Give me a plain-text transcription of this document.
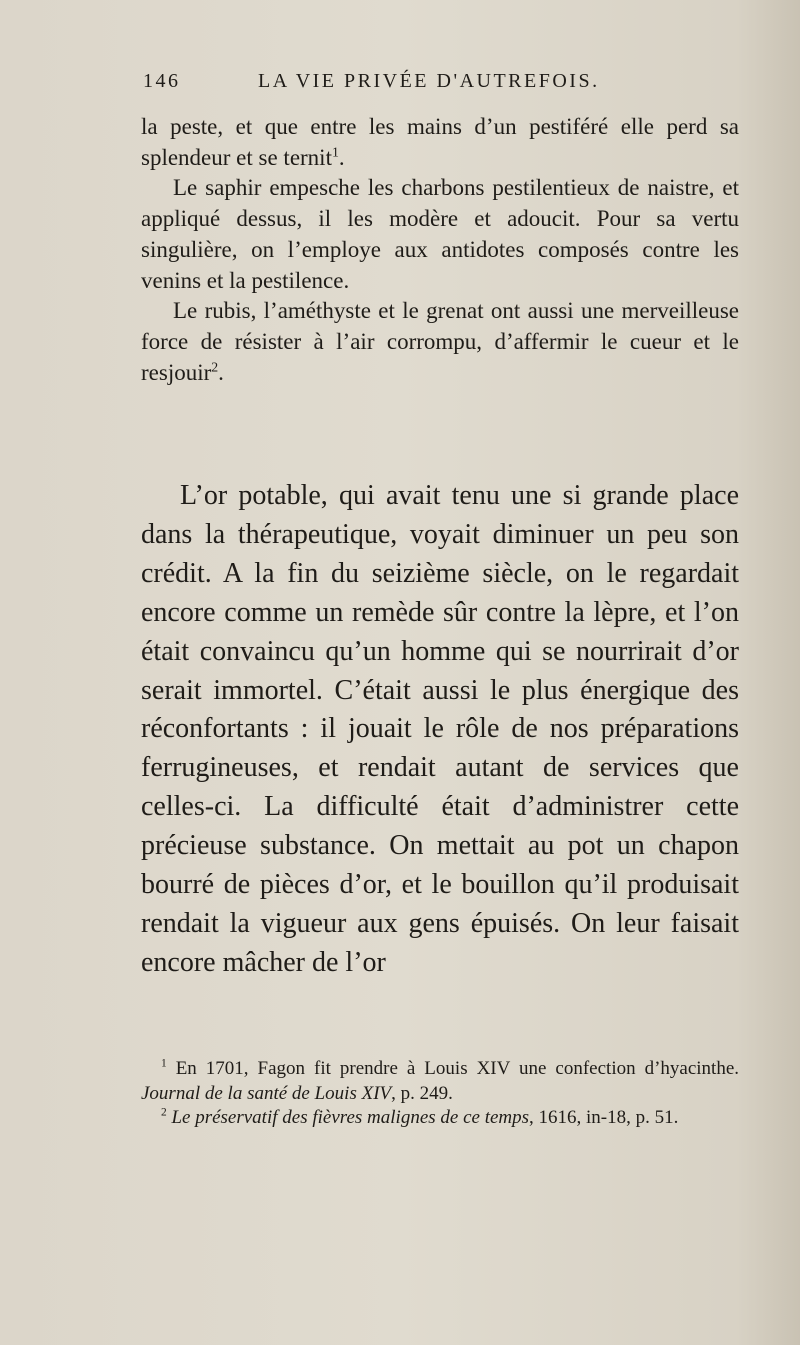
146	LA VIE PRIVÉE D'AUTREFOIS.

la peste, et que entre les mains d’un pestiféré elle perd sa splendeur et se ternit$^1$.

Le saphir empesche les charbons pestilentieux de naistre, et appliqué dessus, il les modère et adoucit. Pour sa vertu singulière, on l’employe aux antidotes composés contre les venins et la pestilence.

Le rubis, l’améthyste et le grenat ont aussi une merveilleuse force de résister à l’air corrompu, d’affermir le cueur et le resjouir$^2$.

L’or potable, qui avait tenu une si grande place dans la thérapeutique, voyait diminuer un peu son crédit. A la fin du seizième siècle, on le regardait encore comme un remède sûr contre la lèpre, et l’on était convaincu qu’un homme qui se nourrirait d’or serait immortel. C’était aussi le plus énergique des réconfortants : il jouait le rôle de nos préparations ferrugineuses, et rendait autant de services que celles-ci. La difficulté était d’administrer cette précieuse substance. On mettait au pot un chapon bourré de pièces d’or, et le bouillon qu’il produisait rendait la vigueur aux gens épuisés. On leur faisait encore mâcher de l’or

$^1$ En 1701, Fagon fit prendre à Louis XIV une confection d’hyacinthe. Journal de la santé de Louis XIV, p. 249.

$^2$ Le préservatif des fièvres malignes de ce temps, 1616, in-18, p. 51.
